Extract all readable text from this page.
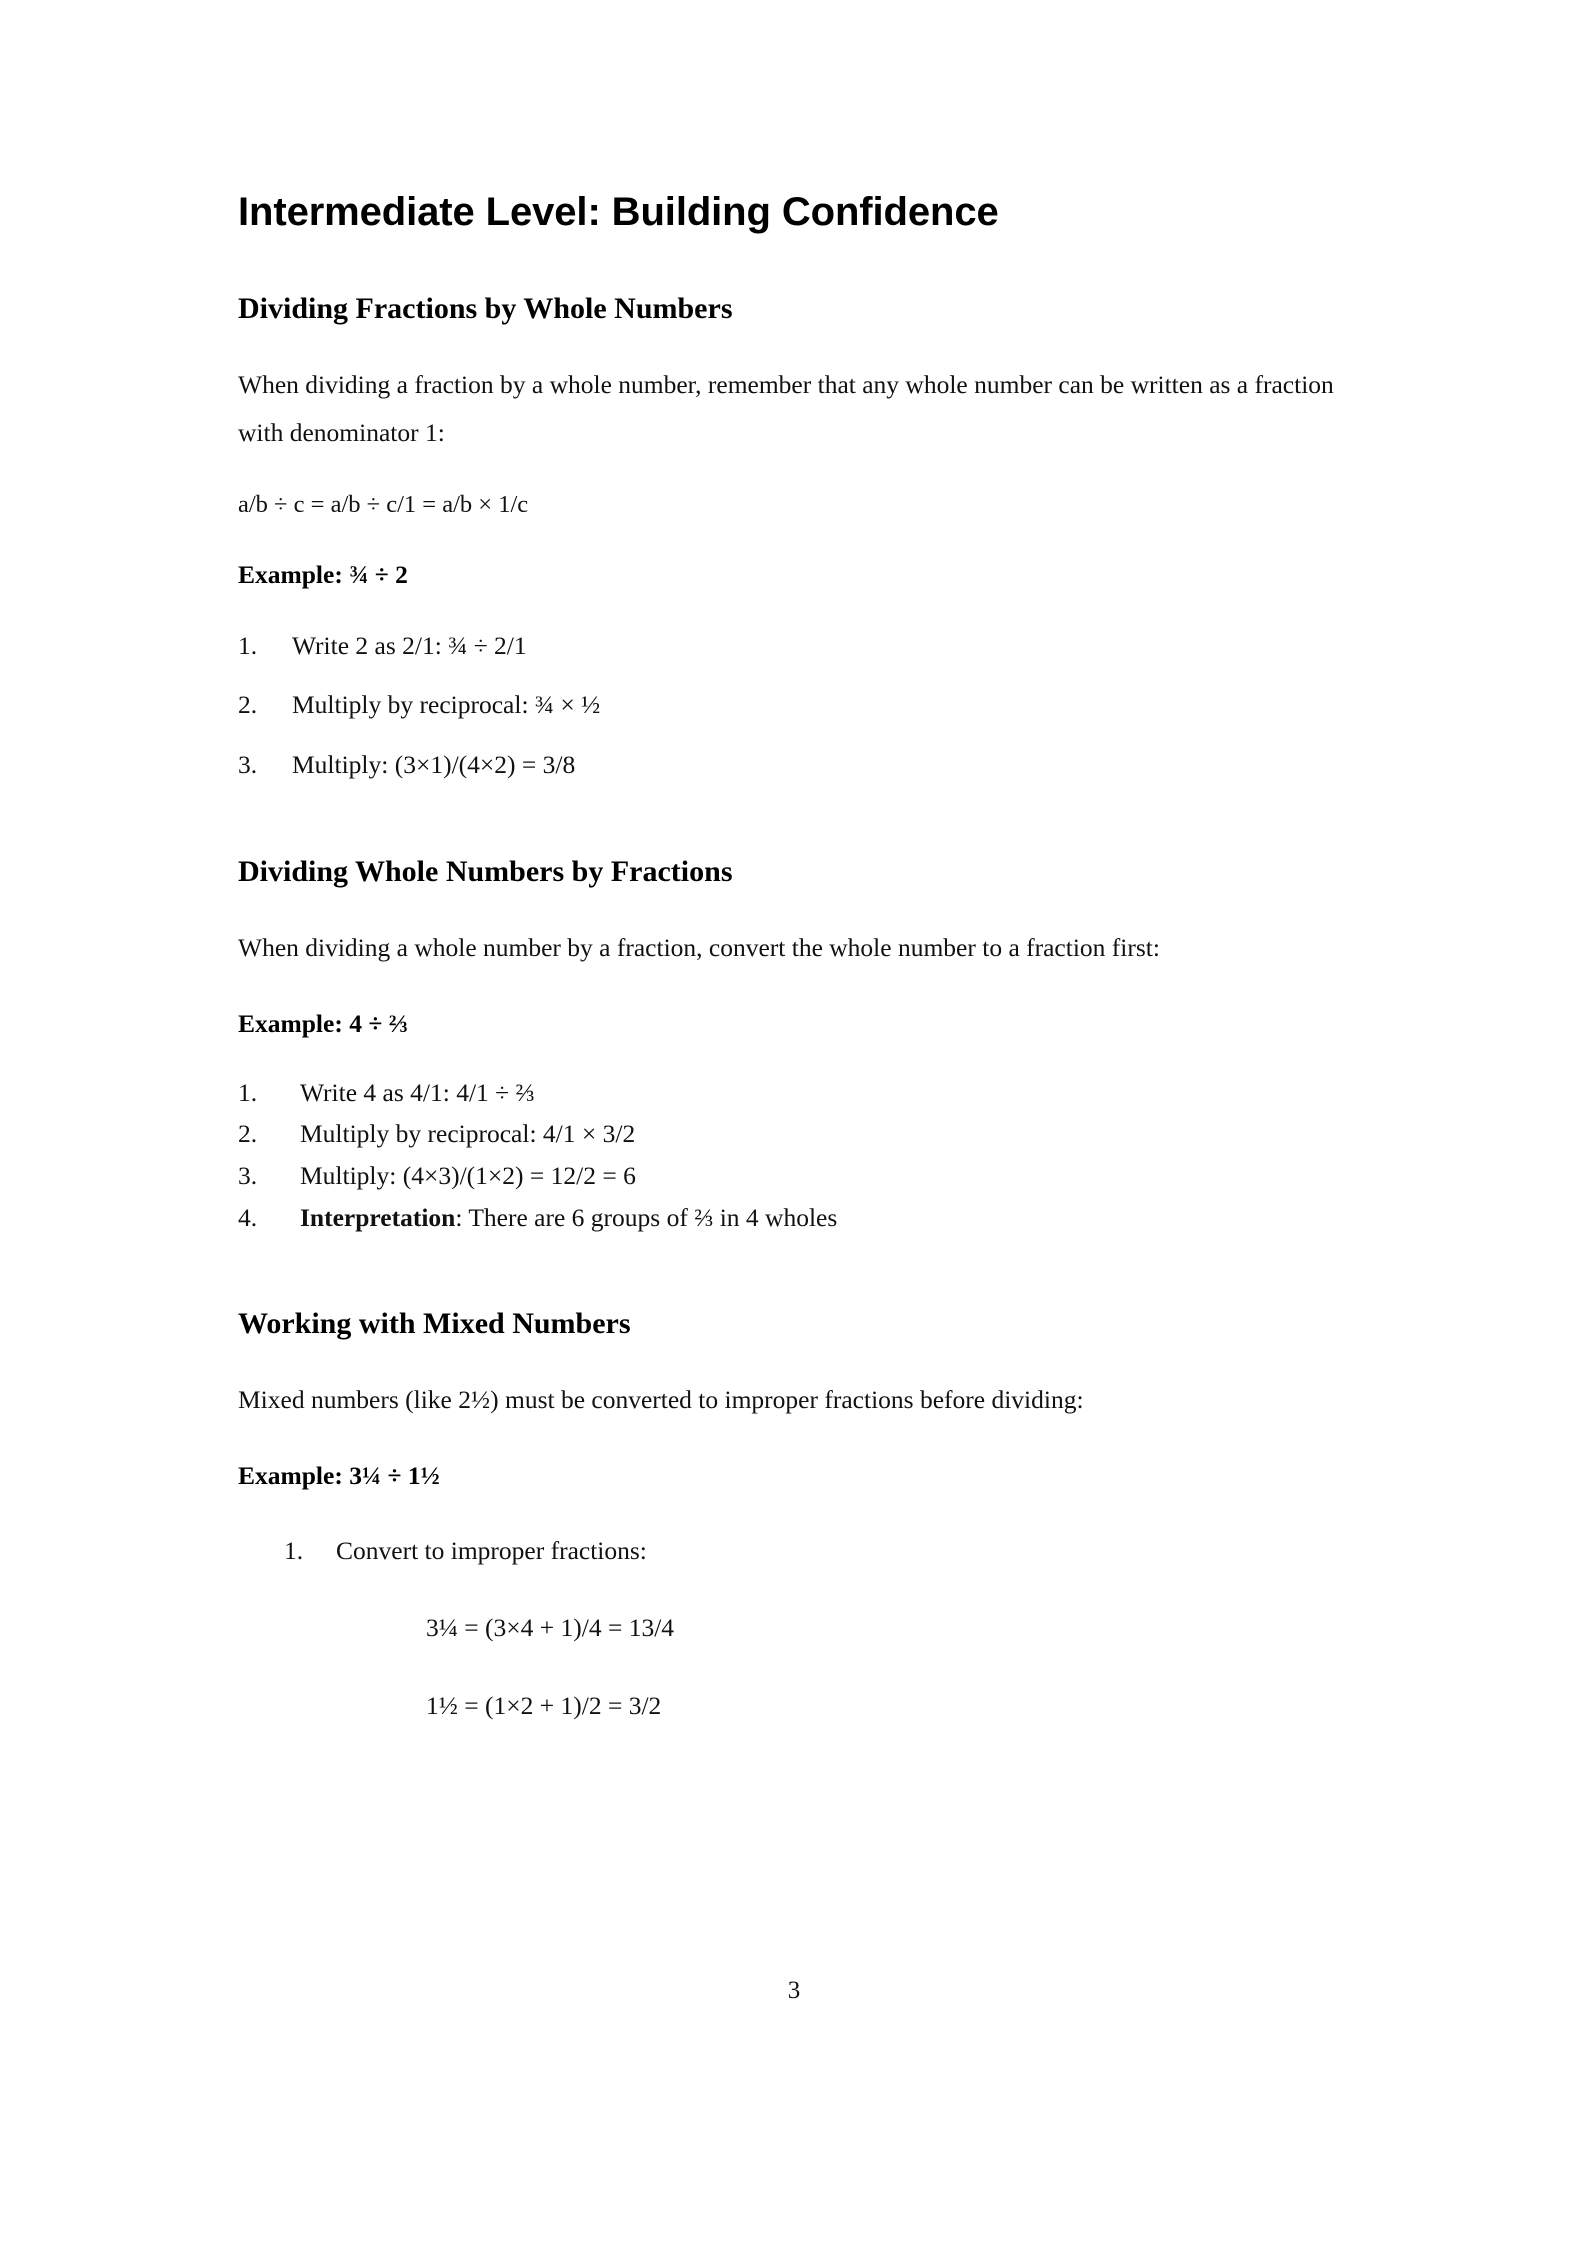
Intermediate Level: Building Confidence
Dividing Fractions by Whole Numbers

When dividing a fraction by a whole number, remember that any whole number can be written as a fraction with denominator 1:

a/b ÷ c = a/b ÷ c/1 = a/b × 1/c

Example: ¾ ÷ 2
1.	Write 2 as 2/1: ¾ ÷ 2/1
2.	Multiply by reciprocal: ¾ × ½
3.	Multiply: (3×1)/(4×2) = 3/8
Dividing Whole Numbers by Fractions

When dividing a whole number by a fraction, convert the whole number to a fraction first:

Example: 4 ÷ ⅔
1.	Write 4 as 4/1: 4/1 ÷ ⅔
2.	Multiply by reciprocal: 4/1 × 3/2
3.	Multiply: (4×3)/(1×2) = 12/2 = 6
4.	Interpretation: There are 6 groups of ⅔ in 4 wholes
Working with Mixed Numbers

Mixed numbers (like 2½) must be converted to improper fractions before dividing:

Example: 3¼ ÷ 1½
1.	Convert to improper fractions:

3¼ = (3×4 + 1)/4 = 13/4

1½ = (1×2 + 1)/2 = 3/2

3
